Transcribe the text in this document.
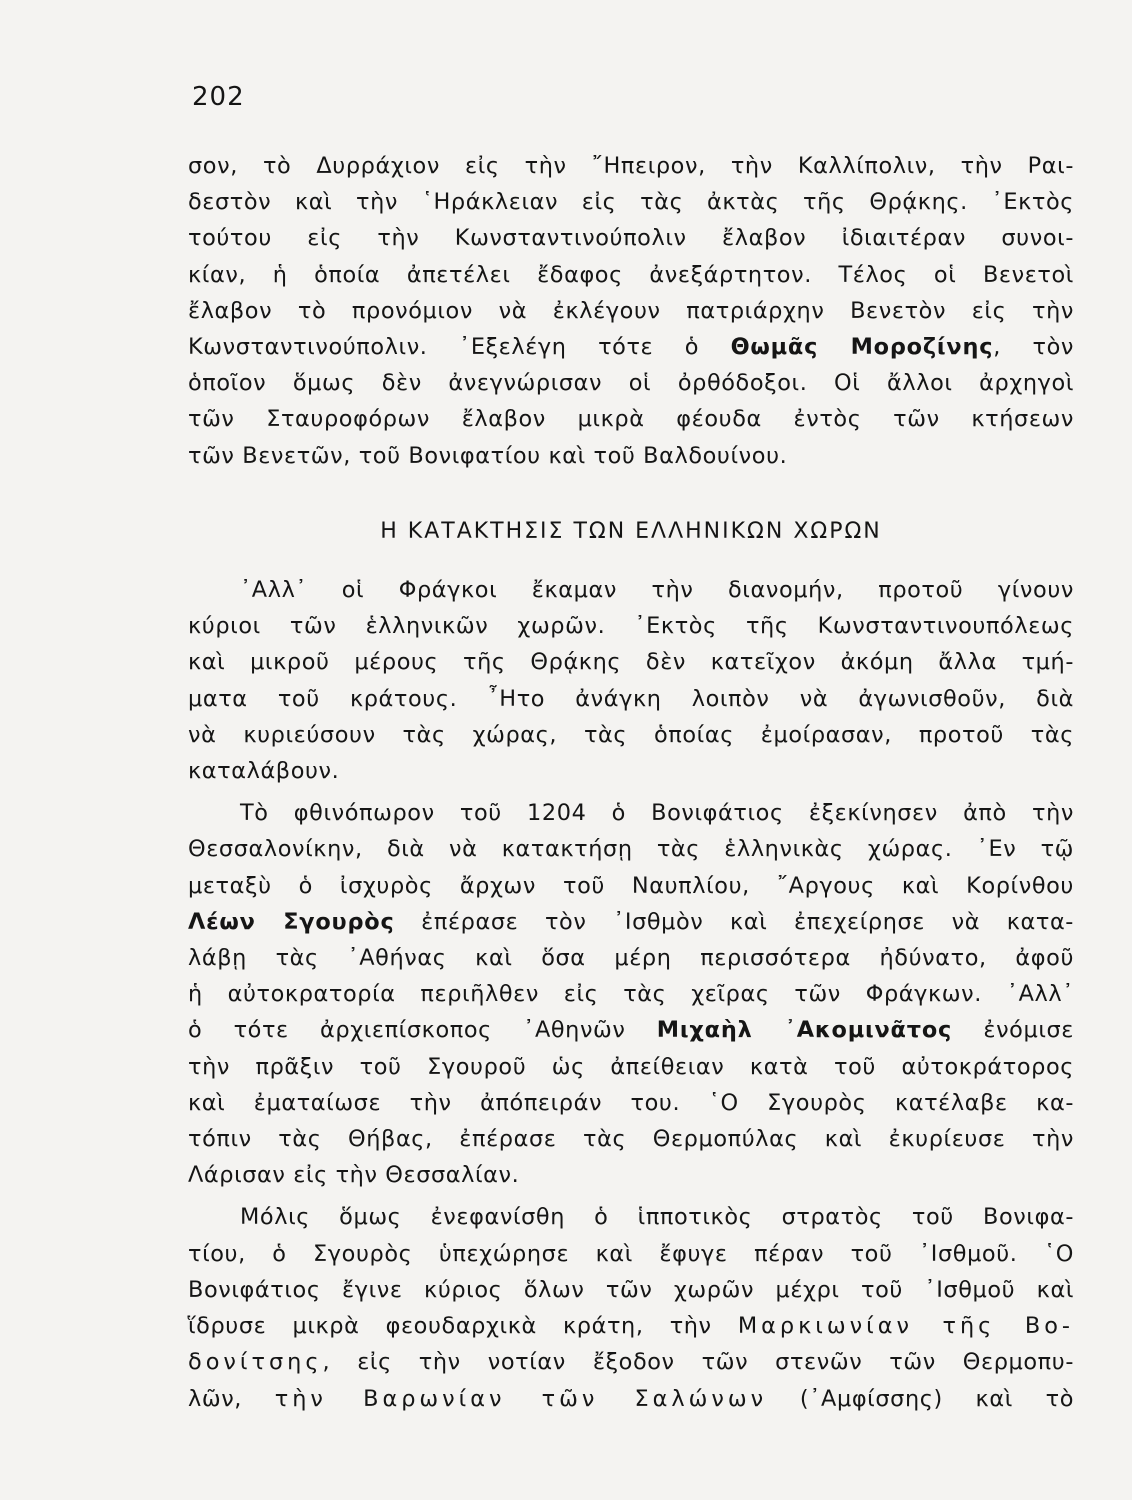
202

σον, τὸ Δυρράχιον εἰς τὴν ῎Ηπειρον, τὴν Καλλίπολιν, τὴν Ραι-
δεστὸν καὶ τὴν ῾Ηράκλειαν εἰς τὰς ἀκτὰς τῆς Θρᾴκης. ᾿Εκτὸς
τούτου εἰς τὴν Κωνσταντινούπολιν ἔλαβον ἰδιαιτέραν συνοι-
κίαν, ἡ ὁποία ἀπετέλει ἔδαφος ἀνεξάρτητον. Τέλος οἱ Βενετοὶ
ἔλαβον τὸ προνόμιον νὰ ἐκλέγουν πατριάρχην Βενετὸν εἰς τὴν
Κωνσταντινούπολιν. ᾿Εξελέγη τότε ὁ Θωμᾶς Μοροζίνης, τὸν
ὁποῖον ὅμως δὲν ἀνεγνώρισαν οἱ ὀρθόδοξοι. Οἱ ἄλλοι ἀρχηγοὶ
τῶν Σταυροφόρων ἔλαβον μικρὰ φέουδα ἐντὸς τῶν κτήσεων
τῶν Βενετῶν, τοῦ Βονιφατίου καὶ τοῦ Βαλδουίνου.

Η ΚΑΤΑΚΤΗΣΙΣ ΤΩΝ ΕΛΛΗΝΙΚΩΝ ΧΩΡΩΝ

᾿Αλλ᾿ οἱ Φράγκοι ἔκαμαν τὴν διανομήν, προτοῦ γίνουν
κύριοι τῶν ἑλληνικῶν χωρῶν. ᾿Εκτὸς τῆς Κωνσταντινουπόλεως
καὶ μικροῦ μέρους τῆς Θρᾴκης δὲν κατεῖχον ἀκόμη ἄλλα τμή-
ματα τοῦ κράτους. ῏Ητο ἀνάγκη λοιπὸν νὰ ἀγωνισθοῦν, διὰ
νὰ κυριεύσουν τὰς χώρας, τὰς ὁποίας ἐμοίρασαν, προτοῦ τὰς
καταλάβουν.

Τὸ φθινόπωρον τοῦ 1204 ὁ Βονιφάτιος ἐξεκίνησεν ἀπὸ τὴν
Θεσσαλονίκην, διὰ νὰ κατακτήσῃ τὰς ἑλληνικὰς χώρας. ᾿Εν τῷ
μεταξὺ ὁ ἰσχυρὸς ἄρχων τοῦ Ναυπλίου, ῎Αργους καὶ Κορίνθου
Λέων Σγουρὸς ἐπέρασε τὸν ᾿Ισθμὸν καὶ ἐπεχείρησε νὰ κατα-
λάβῃ τὰς ᾿Αθήνας καὶ ὅσα μέρη περισσότερα ἠδύνατο, ἀφοῦ
ἡ αὐτοκρατορία περιῆλθεν εἰς τὰς χεῖρας τῶν Φράγκων. ᾿Αλλ᾿
ὁ τότε ἀρχιεπίσκοπος ᾿Αθηνῶν Μιχαὴλ ᾿Ακομινᾶτος ἐνόμισε
τὴν πρᾶξιν τοῦ Σγουροῦ ὡς ἀπείθειαν κατὰ τοῦ αὐτοκράτορος
καὶ ἐματαίωσε τὴν ἀπόπειράν του. ῾Ο Σγουρὸς κατέλαβε κα-
τόπιν τὰς Θήβας, ἐπέρασε τὰς Θερμοπύλας καὶ ἐκυρίευσε τὴν
Λάρισαν εἰς τὴν Θεσσαλίαν.

Μόλις ὅμως ἐνεφανίσθη ὁ ἱπποτικὸς στρατὸς τοῦ Βονιφα-
τίου, ὁ Σγουρὸς ὑπεχώρησε καὶ ἔφυγε πέραν τοῦ ᾿Ισθμοῦ. ῾Ο
Βονιφάτιος ἔγινε κύριος ὅλων τῶν χωρῶν μέχρι τοῦ ᾿Ισθμοῦ καὶ
ἵδρυσε μικρὰ φεουδαρχικὰ κράτη, τὴν Μαρκιωνίαν τῆς Βο-
δονίτσης, εἰς τὴν νοτίαν ἔξοδον τῶν στενῶν τῶν Θερμοπυ-
λῶν, τὴν Βαρωνίαν τῶν Σαλώνων (᾿Αμφίσσης) καὶ τὸ
